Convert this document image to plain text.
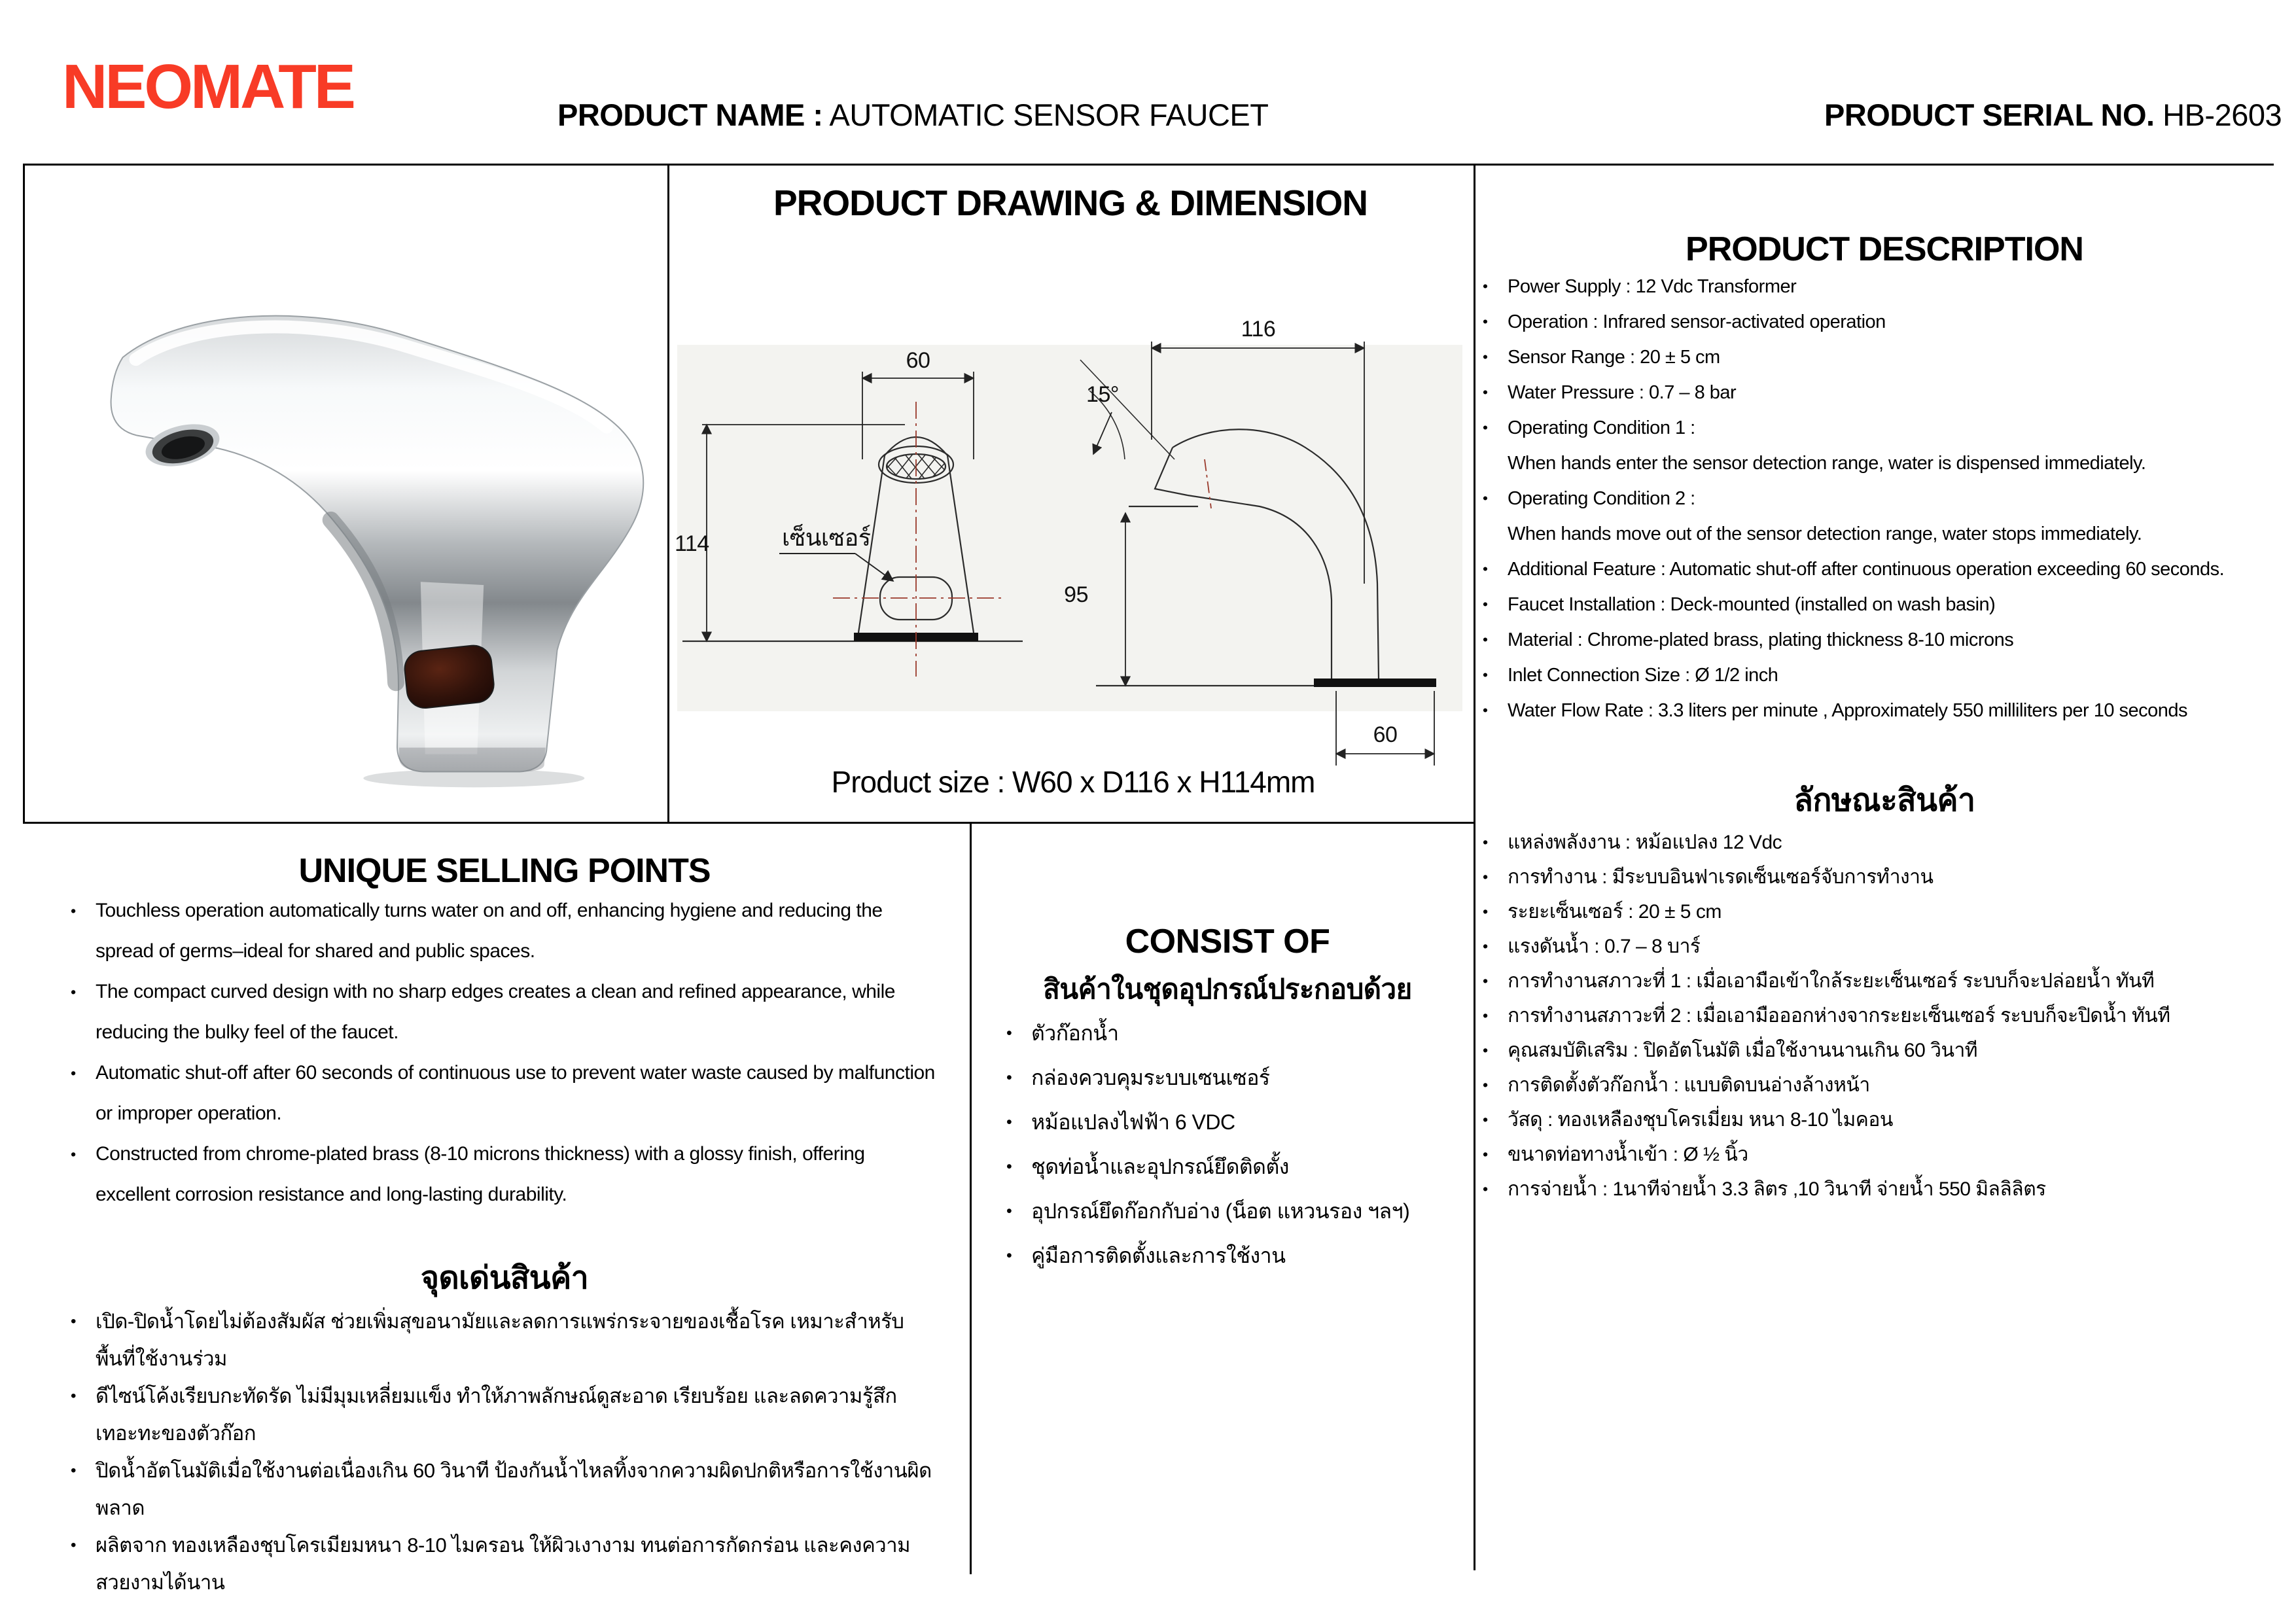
NEOMATE	PRODUCT NAME : AUTOMATIC SENSOR FAUCET	PRODUCT SERIAL NO. HB-2603
PRODUCT DRAWING & DIMENSION
60
114	เซ็นเซอร์
116
95
60
15°
Product size : W60 x D116 x H114mm
PRODUCT DESCRIPTION
• Power Supply : 12 Vdc Transformer
• Operation : Infrared sensor-activated operation
• Sensor Range : 20 ± 5 cm
• Water Pressure : 0.7 – 8 bar
• Operating Condition 1 :
When hands enter the sensor detection range, water is dispensed immediately.
• Operating Condition 2 :
When hands move out of the sensor detection range, water stops immediately.
• Additional Feature : Automatic shut-off after continuous operation exceeding 60 seconds.
• Faucet Installation : Deck-mounted (installed on wash basin)
• Material : Chrome-plated brass, plating thickness 8-10 microns
• Inlet Connection Size : Ø 1/2 inch
• Water Flow Rate : 3.3 liters per minute , Approximately 550 milliliters per 10 seconds
ลักษณะสินค้า
• แหล่งพลังงาน : หม้อแปลง 12 Vdc
• การทำงาน : มีระบบอินฟาเรดเซ็นเซอร์จับการทำงาน
• ระยะเซ็นเซอร์ : 20 ± 5 cm
• แรงดันน้ำ : 0.7 – 8 บาร์
• การทำงานสภาวะที่ 1 : เมื่อเอามือเข้าใกล้ระยะเซ็นเซอร์ ระบบก็จะปล่อยน้ำ ทันที
• การทำงานสภาวะที่ 2 : เมื่อเอามือออกห่างจากระยะเซ็นเซอร์ ระบบก็จะปิดน้ำ ทันที
• คุณสมบัติเสริม : ปิดอัตโนมัติ เมื่อใช้งานนานเกิน 60 วินาที
• การติดตั้งตัวก๊อกน้ำ : แบบติดบนอ่างล้างหน้า
• วัสดุ : ทองเหลืองชุบโครเมี่ยม หนา 8-10 ไมคอน
• ขนาดท่อทางน้ำเข้า : Ø ½ นิ้ว
• การจ่ายน้ำ : 1นาทีจ่ายน้ำ 3.3 ลิตร ,10 วินาที จ่ายน้ำ 550 มิลลิลิตร
UNIQUE SELLING POINTS
• Touchless operation automatically turns water on and off, enhancing hygiene and reducing the spread of germs–ideal for shared and public spaces.
• The compact curved design with no sharp edges creates a clean and refined appearance, while reducing the bulky feel of the faucet.
• Automatic shut-off after 60 seconds of continuous use to prevent water waste caused by malfunction or improper operation.
• Constructed from chrome-plated brass (8-10 microns thickness) with a glossy finish, offering excellent corrosion resistance and long-lasting durability.
จุดเด่นสินค้า
• เปิด-ปิดน้ำโดยไม่ต้องสัมผัส ช่วยเพิ่มสุขอนามัยและลดการแพร่กระจายของเชื้อโรค เหมาะสำหรับพื้นที่ใช้งานร่วม
• ดีไซน์โค้งเรียบกะทัดรัด ไม่มีมุมเหลี่ยมแข็ง ทำให้ภาพลักษณ์ดูสะอาด เรียบร้อย และลดความรู้สึกเทอะทะของตัวก๊อก
• ปิดน้ำอัตโนมัติเมื่อใช้งานต่อเนื่องเกิน 60 วินาที ป้องกันน้ำไหลทิ้งจากความผิดปกติหรือการใช้งานผิดพลาด
• ผลิตจาก ทองเหลืองชุบโครเมียมหนา 8-10 ไมครอน ให้ผิวเงางาม ทนต่อการกัดกร่อน และคงความสวยงามได้นาน
CONSIST OF
สินค้าในชุดอุปกรณ์ประกอบด้วย
• ตัวก๊อกน้ำ
• กล่องควบคุมระบบเซนเซอร์
• หม้อแปลงไฟฟ้า 6 VDC
• ชุดท่อน้ำและอุปกรณ์ยึดติดตั้ง
• อุปกรณ์ยึดก๊อกกับอ่าง (น็อต แหวนรอง ฯลฯ)
• คู่มือการติดตั้งและการใช้งาน
